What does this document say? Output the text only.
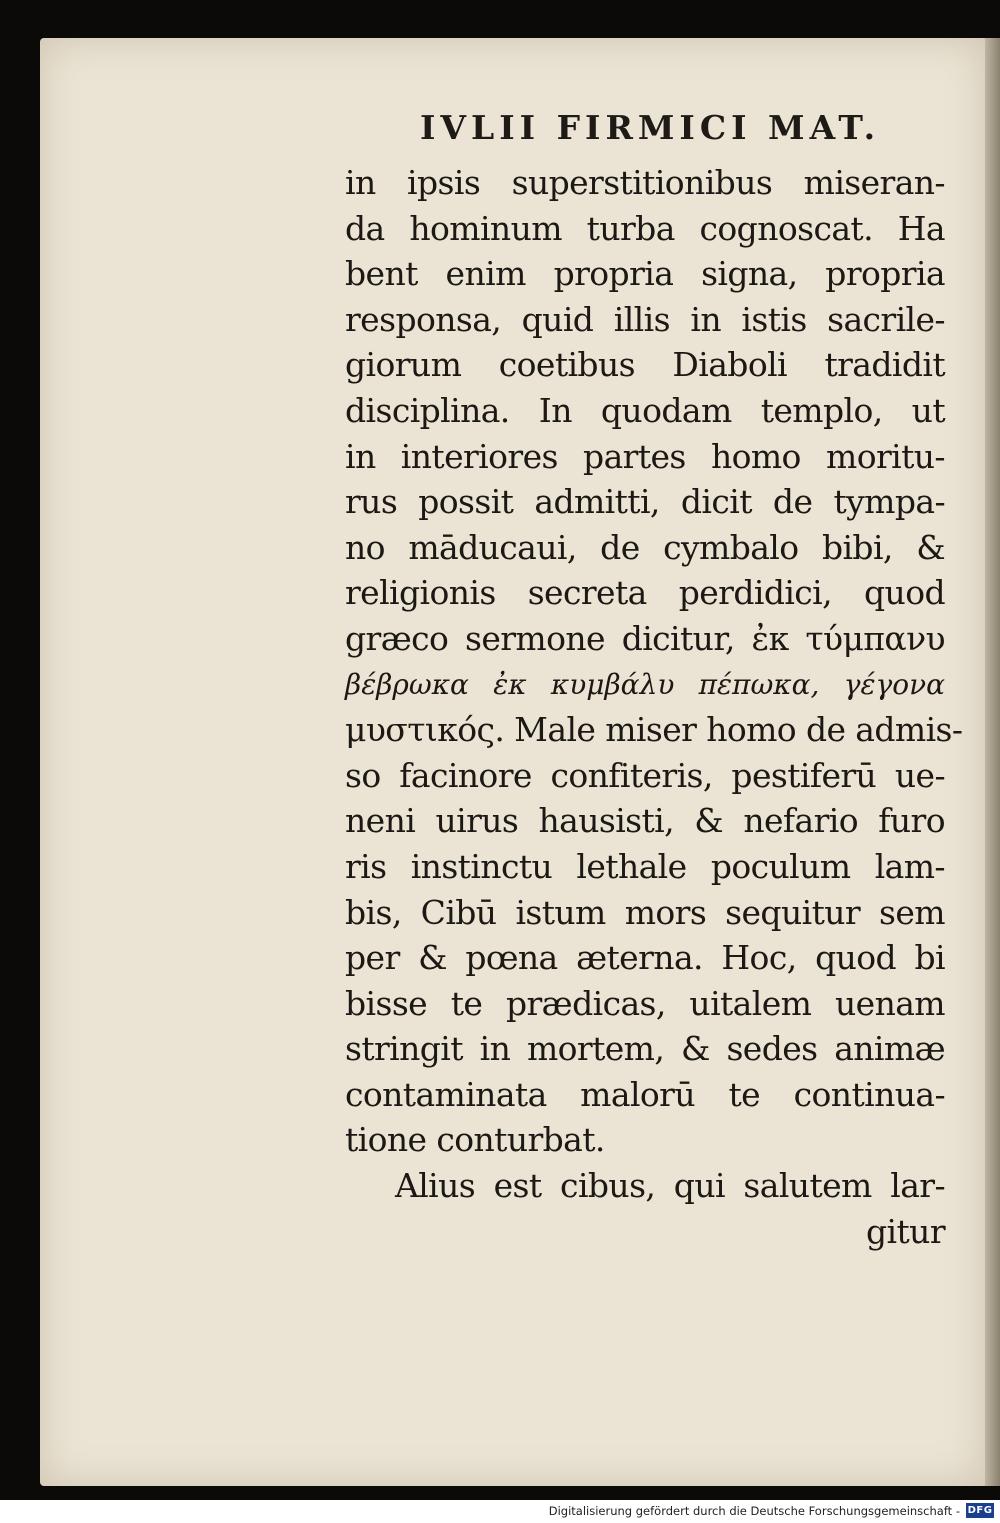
IVLII FIRMICI MAT.
in ipsis superstitionibus miseran-
da hominum turba cognoscat. Ha
bent enim propria signa, propria
responsa, quid illis in istis sacrile-
giorum coetibus Diaboli tradidit
disciplina. In quodam templo, ut
in interiores partes homo moritu-
rus possit admitti, dicit de tympa-
no māducaui, de cymbalo bibi, &
religionis secreta perdidici, quod
græco sermone dicitur, ἐκ τύμπανυ
βέβρωκα ἐκ κυμβάλυ πέπωκα, γέγονα
μυστικός. Male miser homo de admis-
so facinore confiteris, pestiferū ue-
neni uirus hausisti, & nefario furo
ris instinctu lethale poculum lam-
bis, Cibū istum mors sequitur sem
per & pœna æterna. Hoc, quod bi
bisse te prædicas, uitalem uenam
stringit in mortem, & sedes animæ
contaminata malorū te continua-
tione conturbat.
Alius est cibus, qui salutem lar-
gitur
Digitalisierung gefördert durch die Deutsche Forschungsgemeinschaft - DFG
